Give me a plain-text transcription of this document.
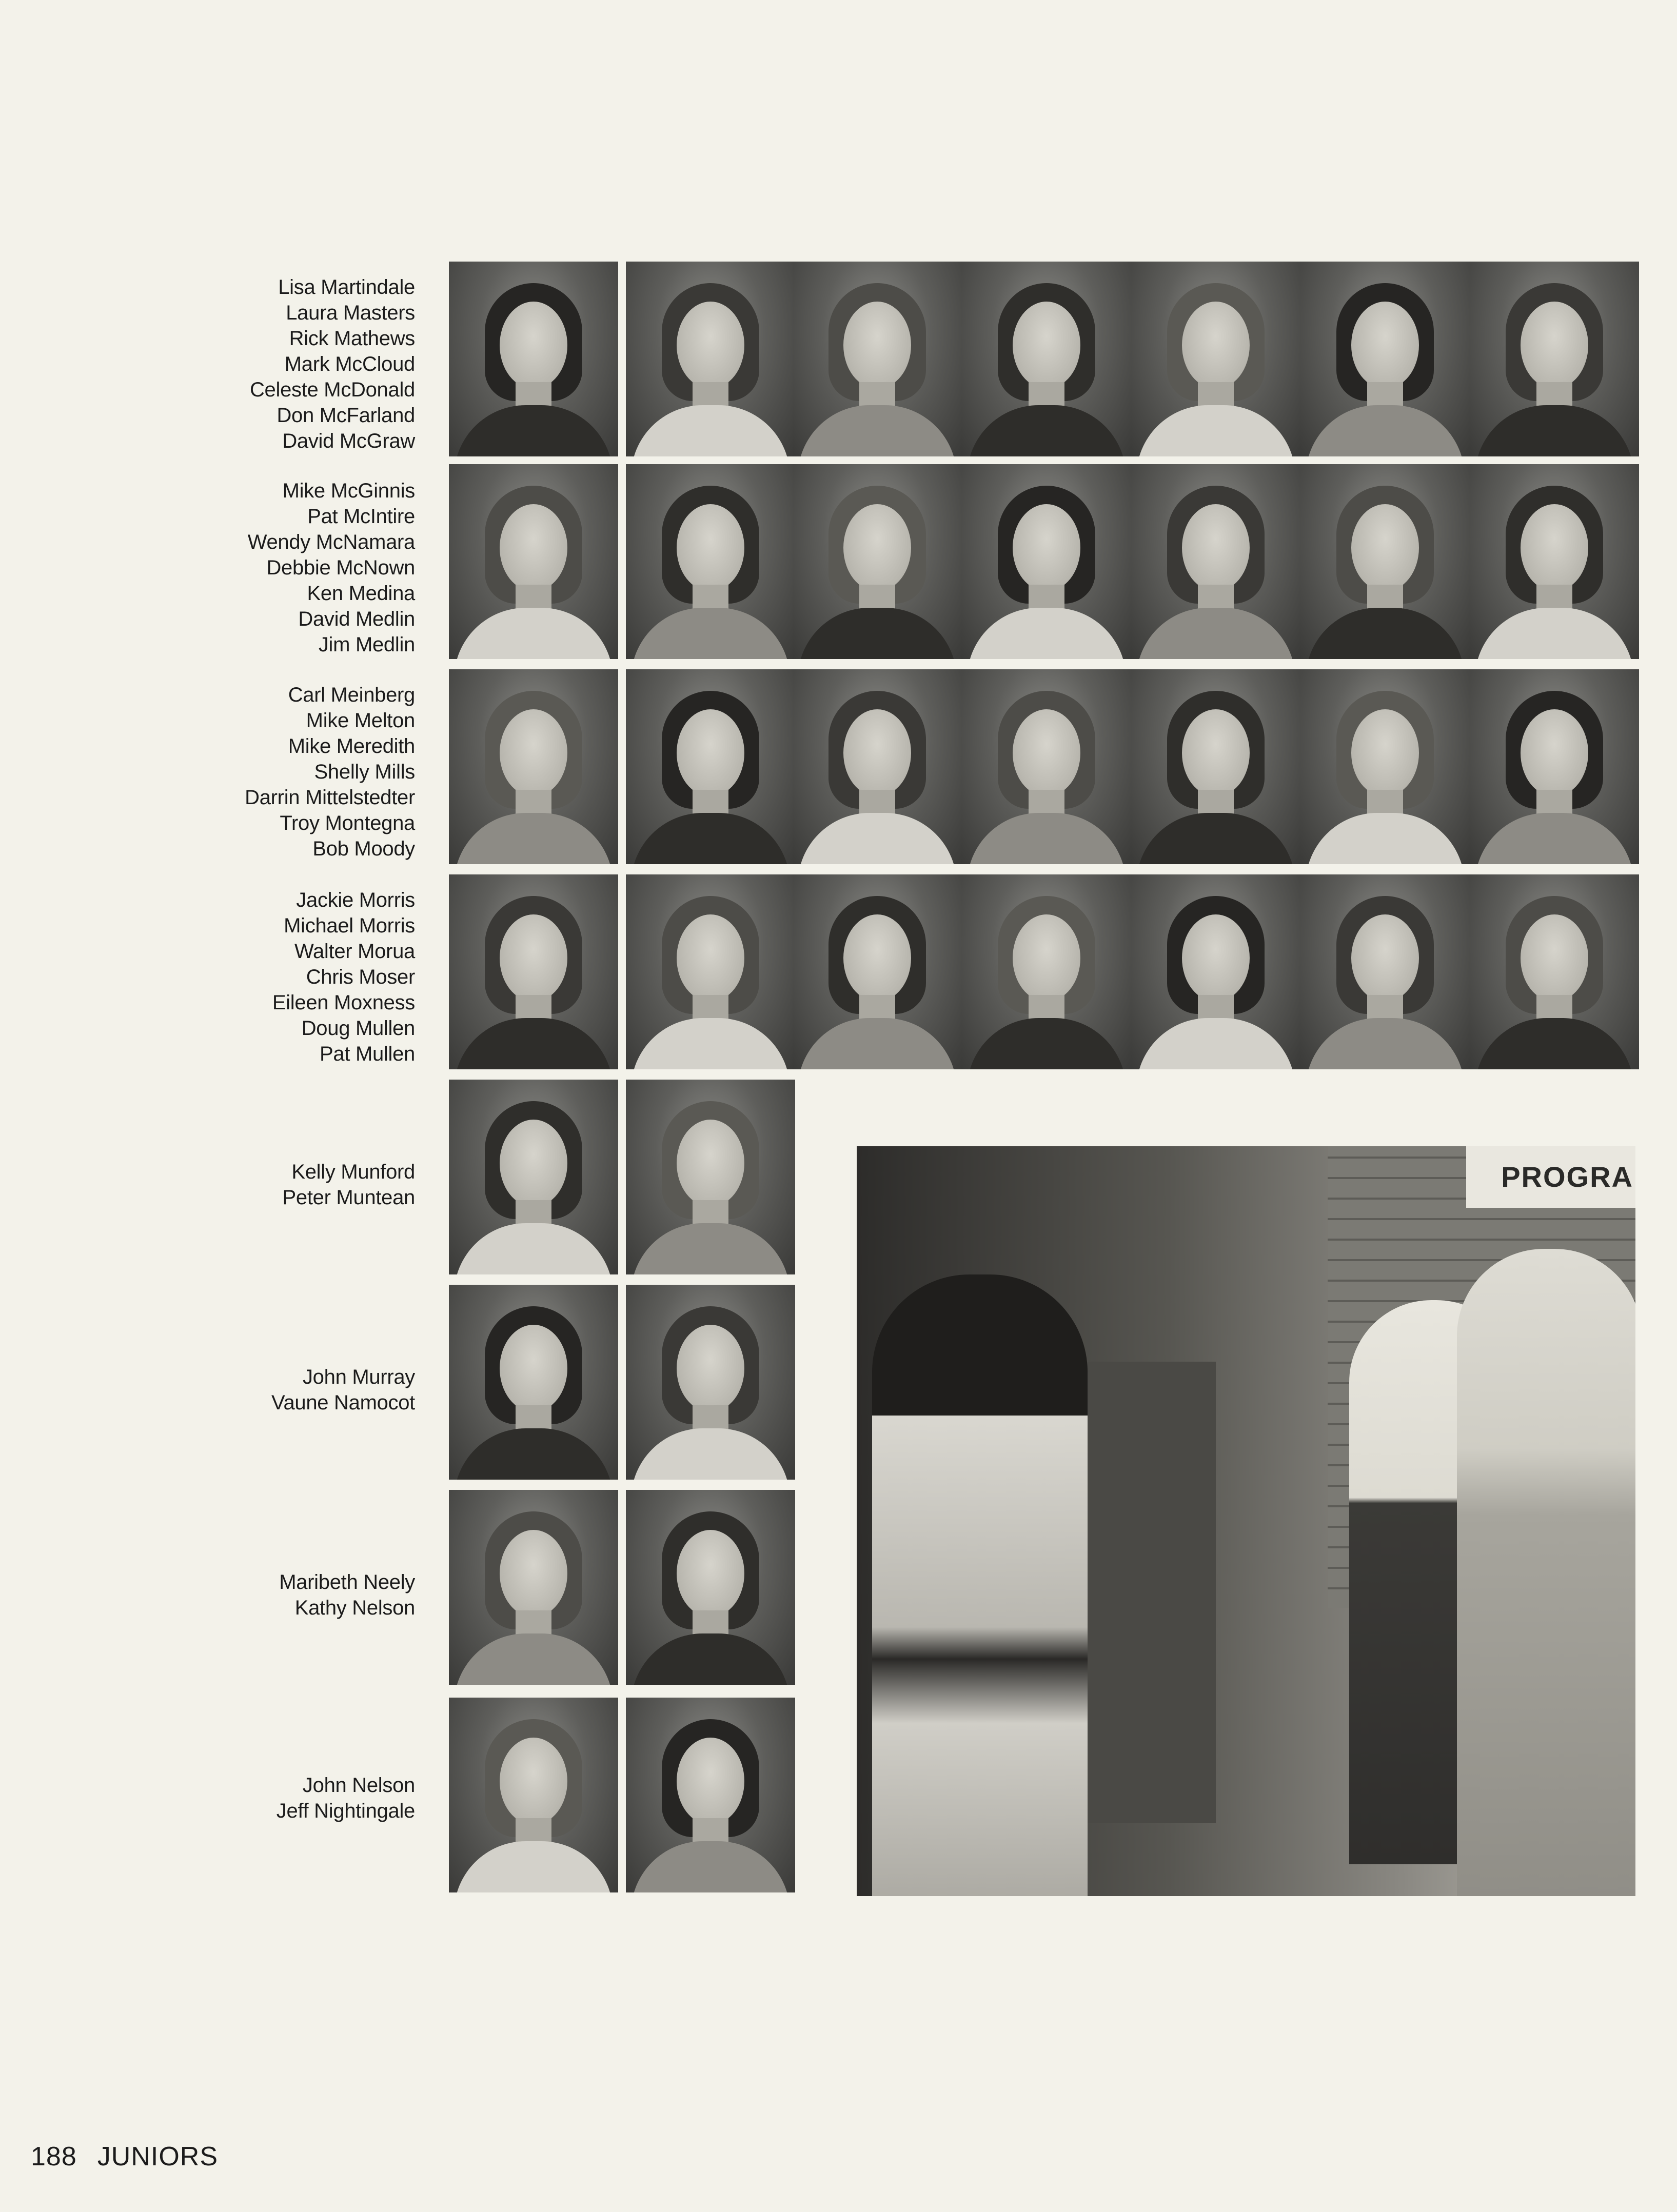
Lisa Martindale
Laura Masters
Rick Mathews
Mark McCloud
Celeste McDonald
Don McFarland
David McGraw
Mike McGinnis
Pat McIntire
Wendy McNamara
Debbie McNown
Ken Medina
David Medlin
Jim Medlin
Carl Meinberg
Mike Melton
Mike Meredith
Shelly Mills
Darrin Mittelstedter
Troy Montegna
Bob Moody
Jackie Morris
Michael Morris
Walter Morua
Chris Moser
Eileen Moxness
Doug Mullen
Pat Mullen
Kelly Munford
Peter Muntean
John Murray
Vaune Namocot
Maribeth Neely
Kathy Nelson
John Nelson
Jeff Nightingale
PROGRA
188 JUNIORS
